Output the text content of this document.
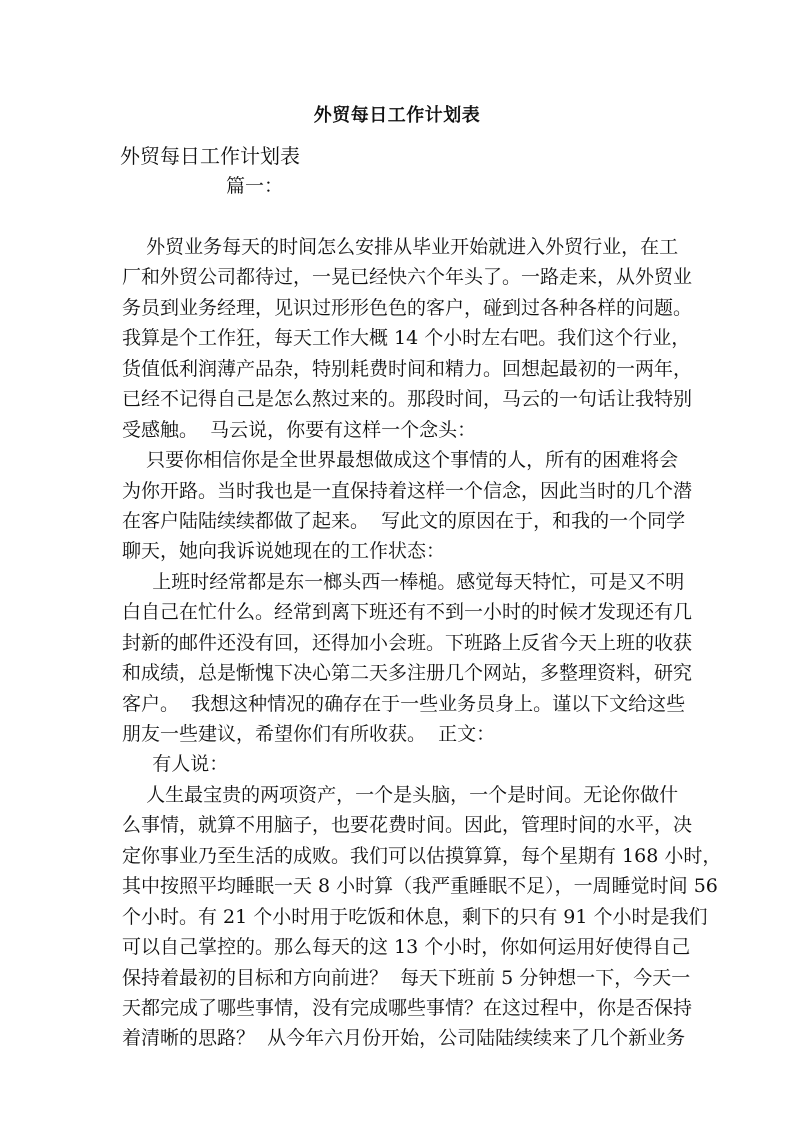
外贸每日工作计划表
外贸每日工作计划表
篇一：
外贸业务每天的时间怎么安排从毕业开始就进入外贸行业，在工
厂和外贸公司都待过，一晃已经快六个年头了。一路走来，从外贸业
务员到业务经理，见识过形形色色的客户，碰到过各种各样的问题。
我算是个工作狂，每天工作大概 14 个小时左右吧。我们这个行业，
货值低利润薄产品杂，特别耗费时间和精力。回想起最初的一两年，
已经不记得自己是怎么熬过来的。那段时间，马云的一句话让我特别
受感触。  马云说，你要有这样一个念头：
只要你相信你是全世界最想做成这个事情的人，所有的困难将会
为你开路。当时我也是一直保持着这样一个信念，因此当时的几个潜
在客户陆陆续续都做了起来。  写此文的原因在于，和我的一个同学
聊天，她向我诉说她现在的工作状态：
上班时经常都是东一榔头西一棒槌。感觉每天特忙，可是又不明
白自己在忙什么。经常到离下班还有不到一小时的时候才发现还有几
封新的邮件还没有回，还得加小会班。下班路上反省今天上班的收获
和成绩，总是惭愧下决心第二天多注册几个网站，多整理资料，研究
客户。  我想这种情况的确存在于一些业务员身上。谨以下文给这些
朋友一些建议，希望你们有所收获。  正文：
有人说：
人生最宝贵的两项资产，一个是头脑，一个是时间。无论你做什
么事情，就算不用脑子，也要花费时间。因此，管理时间的水平，决
定你事业乃至生活的成败。我们可以估摸算算，每个星期有 168 小时，
其中按照平均睡眠一天 8 小时算（我严重睡眠不足），一周睡觉时间 56
个小时。有 21 个小时用于吃饭和休息，剩下的只有 91 个小时是我们
可以自己掌控的。那么每天的这 13 个小时，你如何运用好使得自己
保持着最初的目标和方向前进？  每天下班前 5 分钟想一下，今天一
天都完成了哪些事情，没有完成哪些事情？在这过程中，你是否保持
着清晰的思路？  从今年六月份开始，公司陆陆续续来了几个新业务
